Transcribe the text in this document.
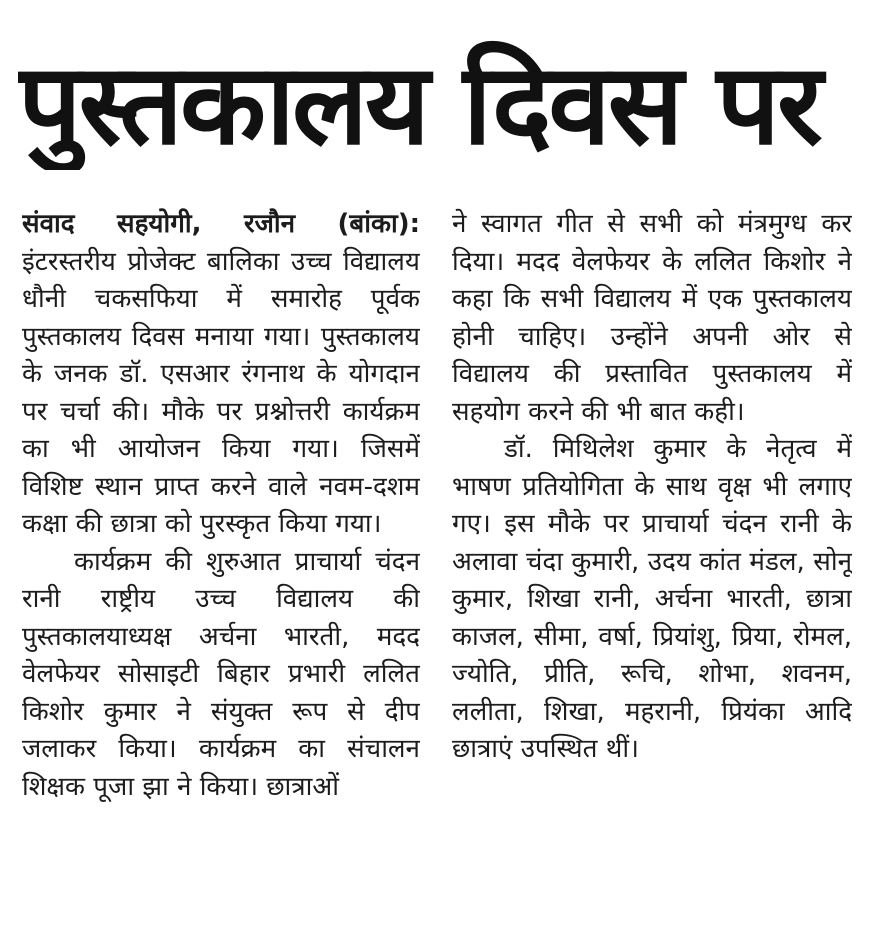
पुस्तकालय दिवस पर

संवाद सहयोगी, रजौन (बांका): इंटरस्तरीय प्रोजेक्ट बालिका उच्च विद्यालय धौनी चकसफिया में समारोह पूर्वक पुस्तकालय दिवस मनाया गया। पुस्तकालय के जनक डॉ. एसआर रंगनाथ के योगदान पर चर्चा की। मौके पर प्रश्नोत्तरी कार्यक्रम का भी आयोजन किया गया। जिसमें विशिष्ट स्थान प्राप्त करने वाले नवम-दशम कक्षा की छात्रा को पुरस्कृत किया गया।

कार्यक्रम की शुरुआत प्राचार्या चंदन रानी राष्ट्रीय उच्च विद्यालय की पुस्तकालयाध्यक्ष अर्चना भारती, मदद वेलफेयर सोसाइटी बिहार प्रभारी ललित किशोर कुमार ने संयुक्त रूप से दीप जलाकर किया। कार्यक्रम का संचालन शिक्षक पूजा झा ने किया। छात्राओं

ने स्वागत गीत से सभी को मंत्रमुग्ध कर दिया। मदद वेलफेयर के ललित किशोर ने कहा कि सभी विद्यालय में एक पुस्तकालय होनी चाहिए। उन्होंने अपनी ओर से विद्यालय की प्रस्तावित पुस्तकालय में सहयोग करने की भी बात कही।

डॉ. मिथिलेश कुमार के नेतृत्व में भाषण प्रतियोगिता के साथ वृक्ष भी लगाए गए। इस मौके पर प्राचार्या चंदन रानी के अलावा चंदा कुमारी, उदय कांत मंडल, सोनू कुमार, शिखा रानी, अर्चना भारती, छात्रा काजल, सीमा, वर्षा, प्रियांशु, प्रिया, रोमल, ज्योति, प्रीति, रूचि, शोभा, शवनम, ललीता, शिखा, महरानी, प्रियंका आदि छात्राएं उपस्थित थीं।
